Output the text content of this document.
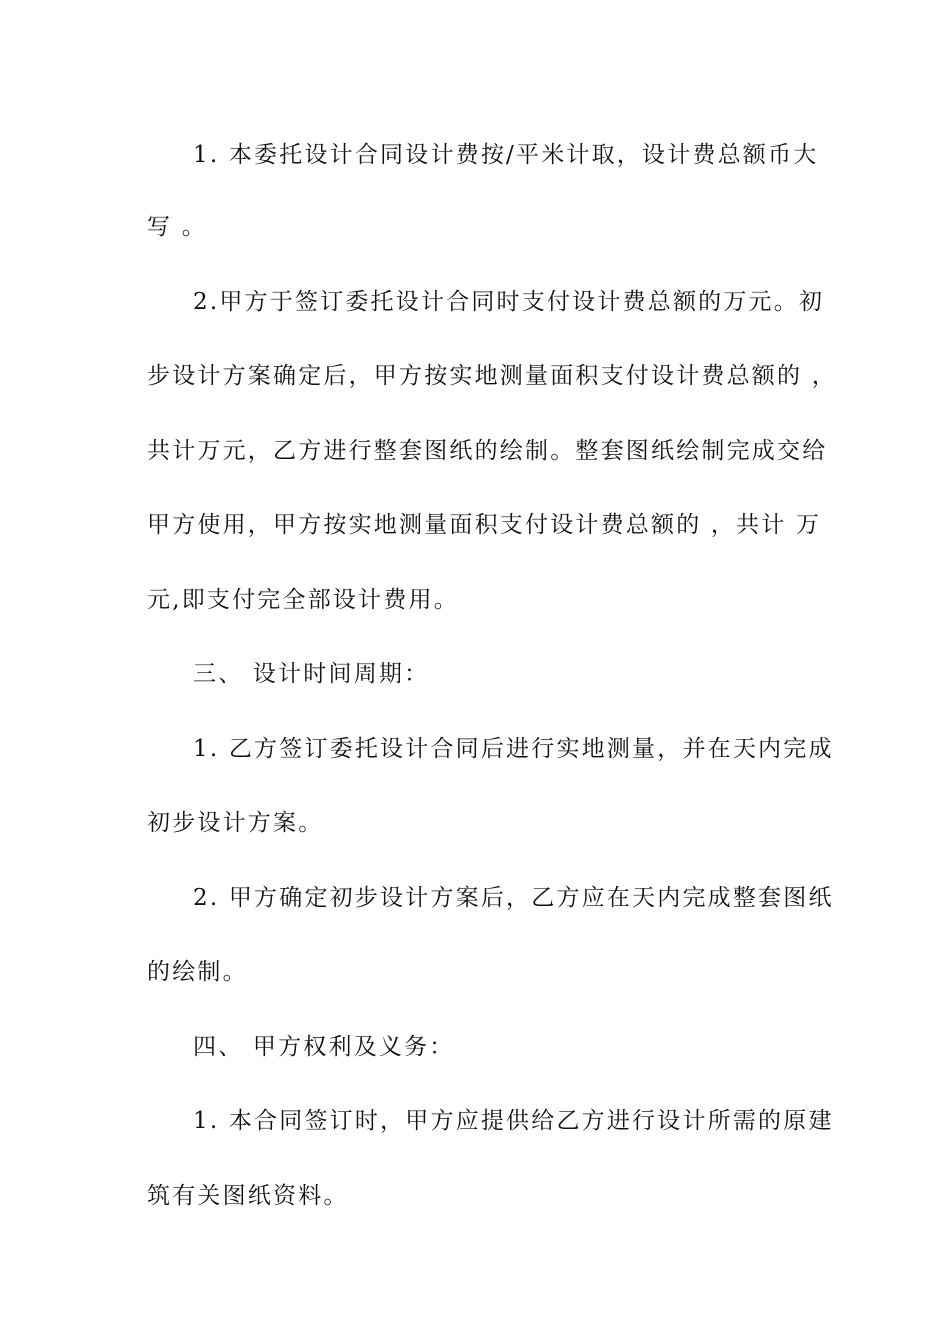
1. 本委托设计合同设计费按/平米计取，设计费总额币大
写 。
2.甲方于签订委托设计合同时支付设计费总额的万元。初
步设计方案确定后，甲方按实地测量面积支付设计费总额的 ，
共计万元，乙方进行整套图纸的绘制。整套图纸绘制完成交给
甲方使用，甲方按实地测量面积支付设计费总额的 ，共计 万
元,即支付完全部设计费用。
三、 设计时间周期：
1. 乙方签订委托设计合同后进行实地测量，并在天内完成
初步设计方案。
2. 甲方确定初步设计方案后，乙方应在天内完成整套图纸
的绘制。
四、 甲方权利及义务：
1. 本合同签订时，甲方应提供给乙方进行设计所需的原建
筑有关图纸资料。
